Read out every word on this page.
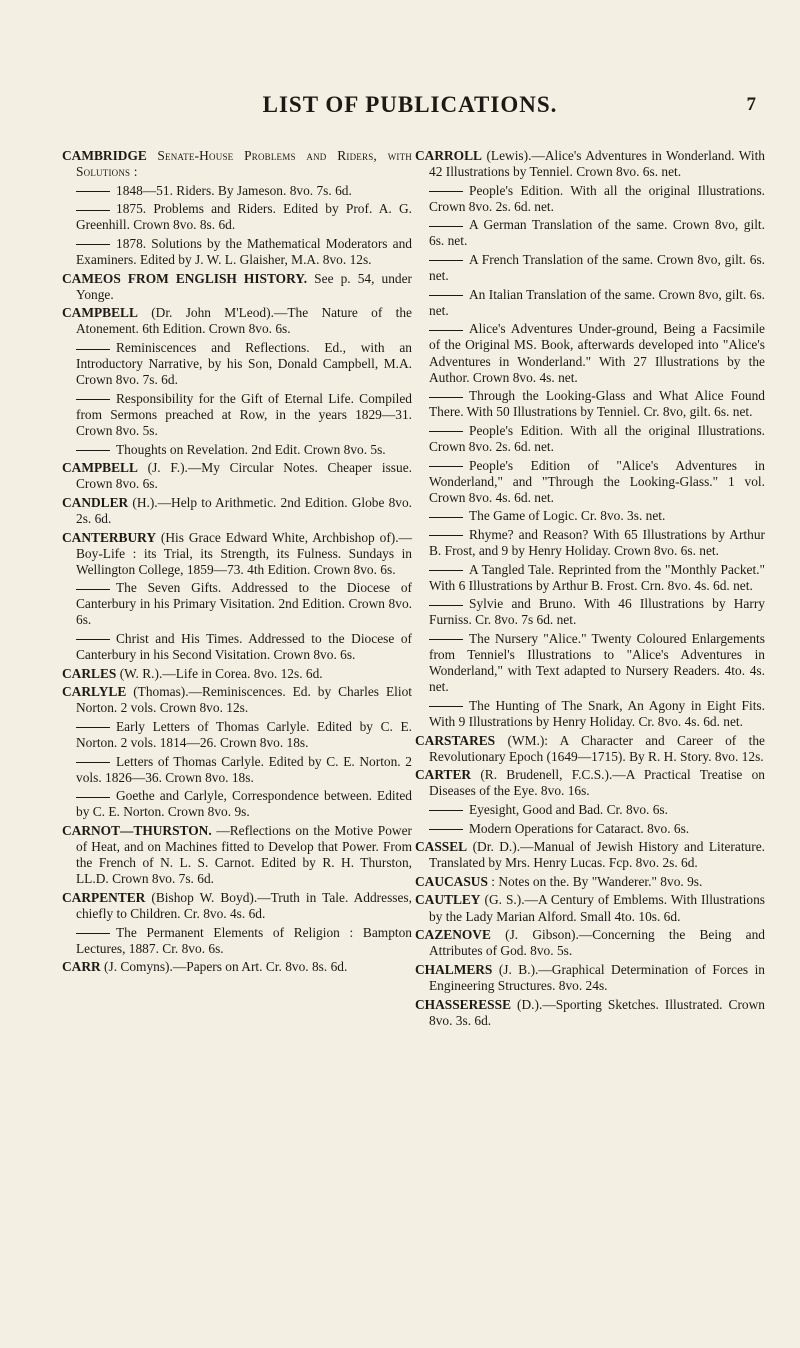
LIST OF PUBLICATIONS.	7

CAMBRIDGE Senate-House Problems and Riders, with Solutions :

1848—51. Riders. By Jameson. 8vo. 7s. 6d.

1875. Problems and Riders. Edited by Prof. A. G. Greenhill. Crown 8vo. 8s. 6d.

1878. Solutions by the Mathematical Moderators and Examiners. Edited by J. W. L. Glaisher, M.A. 8vo. 12s.

CAMEOS FROM ENGLISH HISTORY. See p. 54, under Yonge.

CAMPBELL (Dr. John M'Leod).—The Nature of the Atonement. 6th Edition. Crown 8vo. 6s.

Reminiscences and Reflections. Ed., with an Introductory Narrative, by his Son, Donald Campbell, M.A. Crown 8vo. 7s. 6d.

Responsibility for the Gift of Eternal Life. Compiled from Sermons preached at Row, in the years 1829—31. Crown 8vo. 5s.

Thoughts on Revelation. 2nd Edit. Crown 8vo. 5s.

CAMPBELL (J. F.).—My Circular Notes. Cheaper issue. Crown 8vo. 6s.

CANDLER (H.).—Help to Arithmetic. 2nd Edition. Globe 8vo. 2s. 6d.

CANTERBURY (His Grace Edward White, Archbishop of).—Boy-Life : its Trial, its Strength, its Fulness. Sundays in Wellington College, 1859—73. 4th Edition. Crown 8vo. 6s.

The Seven Gifts. Addressed to the Diocese of Canterbury in his Primary Visitation. 2nd Edition. Crown 8vo. 6s.

Christ and His Times. Addressed to the Diocese of Canterbury in his Second Visitation. Crown 8vo. 6s.

CARLES (W. R.).—Life in Corea. 8vo. 12s. 6d.

CARLYLE (Thomas).—Reminiscences. Ed. by Charles Eliot Norton. 2 vols. Crown 8vo. 12s.

Early Letters of Thomas Carlyle. Edited by C. E. Norton. 2 vols. 1814—26. Crown 8vo. 18s.

Letters of Thomas Carlyle. Edited by C. E. Norton. 2 vols. 1826—36. Crown 8vo. 18s.

Goethe and Carlyle, Correspondence between. Edited by C. E. Norton. Crown 8vo. 9s.

CARNOT—THURSTON. —Reflections on the Motive Power of Heat, and on Machines fitted to Develop that Power. From the French of N. L. S. Carnot. Edited by R. H. Thurston, LL.D. Crown 8vo. 7s. 6d.

CARPENTER (Bishop W. Boyd).—Truth in Tale. Addresses, chiefly to Children. Cr. 8vo. 4s. 6d.

The Permanent Elements of Religion : Bampton Lectures, 1887. Cr. 8vo. 6s.

CARR (J. Comyns).—Papers on Art. Cr. 8vo. 8s. 6d.

CARROLL (Lewis).—Alice's Adventures in Wonderland. With 42 Illustrations by Tenniel. Crown 8vo. 6s. net.

People's Edition. With all the original Illustrations. Crown 8vo. 2s. 6d. net.

A German Translation of the same. Crown 8vo, gilt. 6s. net.

A French Translation of the same. Crown 8vo, gilt. 6s. net.

An Italian Translation of the same. Crown 8vo, gilt. 6s. net.

Alice's Adventures Under-ground, Being a Facsimile of the Original MS. Book, afterwards developed into "Alice's Adventures in Wonderland." With 27 Illustrations by the Author. Crown 8vo. 4s. net.

Through the Looking-Glass and What Alice Found There. With 50 Illustrations by Tenniel. Cr. 8vo, gilt. 6s. net.

People's Edition. With all the original Illustrations. Crown 8vo. 2s. 6d. net.

People's Edition of "Alice's Adventures in Wonderland," and "Through the Looking-Glass." 1 vol. Crown 8vo. 4s. 6d. net.

The Game of Logic. Cr. 8vo. 3s. net.

Rhyme? and Reason? With 65 Illustrations by Arthur B. Frost, and 9 by Henry Holiday. Crown 8vo. 6s. net.

A Tangled Tale. Reprinted from the "Monthly Packet." With 6 Illustrations by Arthur B. Frost. Crn. 8vo. 4s. 6d. net.

Sylvie and Bruno. With 46 Illustrations by Harry Furniss. Cr. 8vo. 7s 6d. net.

The Nursery "Alice." Twenty Coloured Enlargements from Tenniel's Illustrations to "Alice's Adventures in Wonderland," with Text adapted to Nursery Readers. 4to. 4s. net.

The Hunting of The Snark, An Agony in Eight Fits. With 9 Illustrations by Henry Holiday. Cr. 8vo. 4s. 6d. net.

CARSTARES (WM.): A Character and Career of the Revolutionary Epoch (1649—1715). By R. H. Story. 8vo. 12s.

CARTER (R. Brudenell, F.C.S.).—A Practical Treatise on Diseases of the Eye. 8vo. 16s.

Eyesight, Good and Bad. Cr. 8vo. 6s.

Modern Operations for Cataract. 8vo. 6s.

CASSEL (Dr. D.).—Manual of Jewish History and Literature. Translated by Mrs. Henry Lucas. Fcp. 8vo. 2s. 6d.

CAUCASUS : Notes on the. By "Wanderer." 8vo. 9s.

CAUTLEY (G. S.).—A Century of Emblems. With Illustrations by the Lady Marian Alford. Small 4to. 10s. 6d.

CAZENOVE (J. Gibson).—Concerning the Being and Attributes of God. 8vo. 5s.

CHALMERS (J. B.).—Graphical Determination of Forces in Engineering Structures. 8vo. 24s.

CHASSERESSE (D.).—Sporting Sketches. Illustrated. Crown 8vo. 3s. 6d.
